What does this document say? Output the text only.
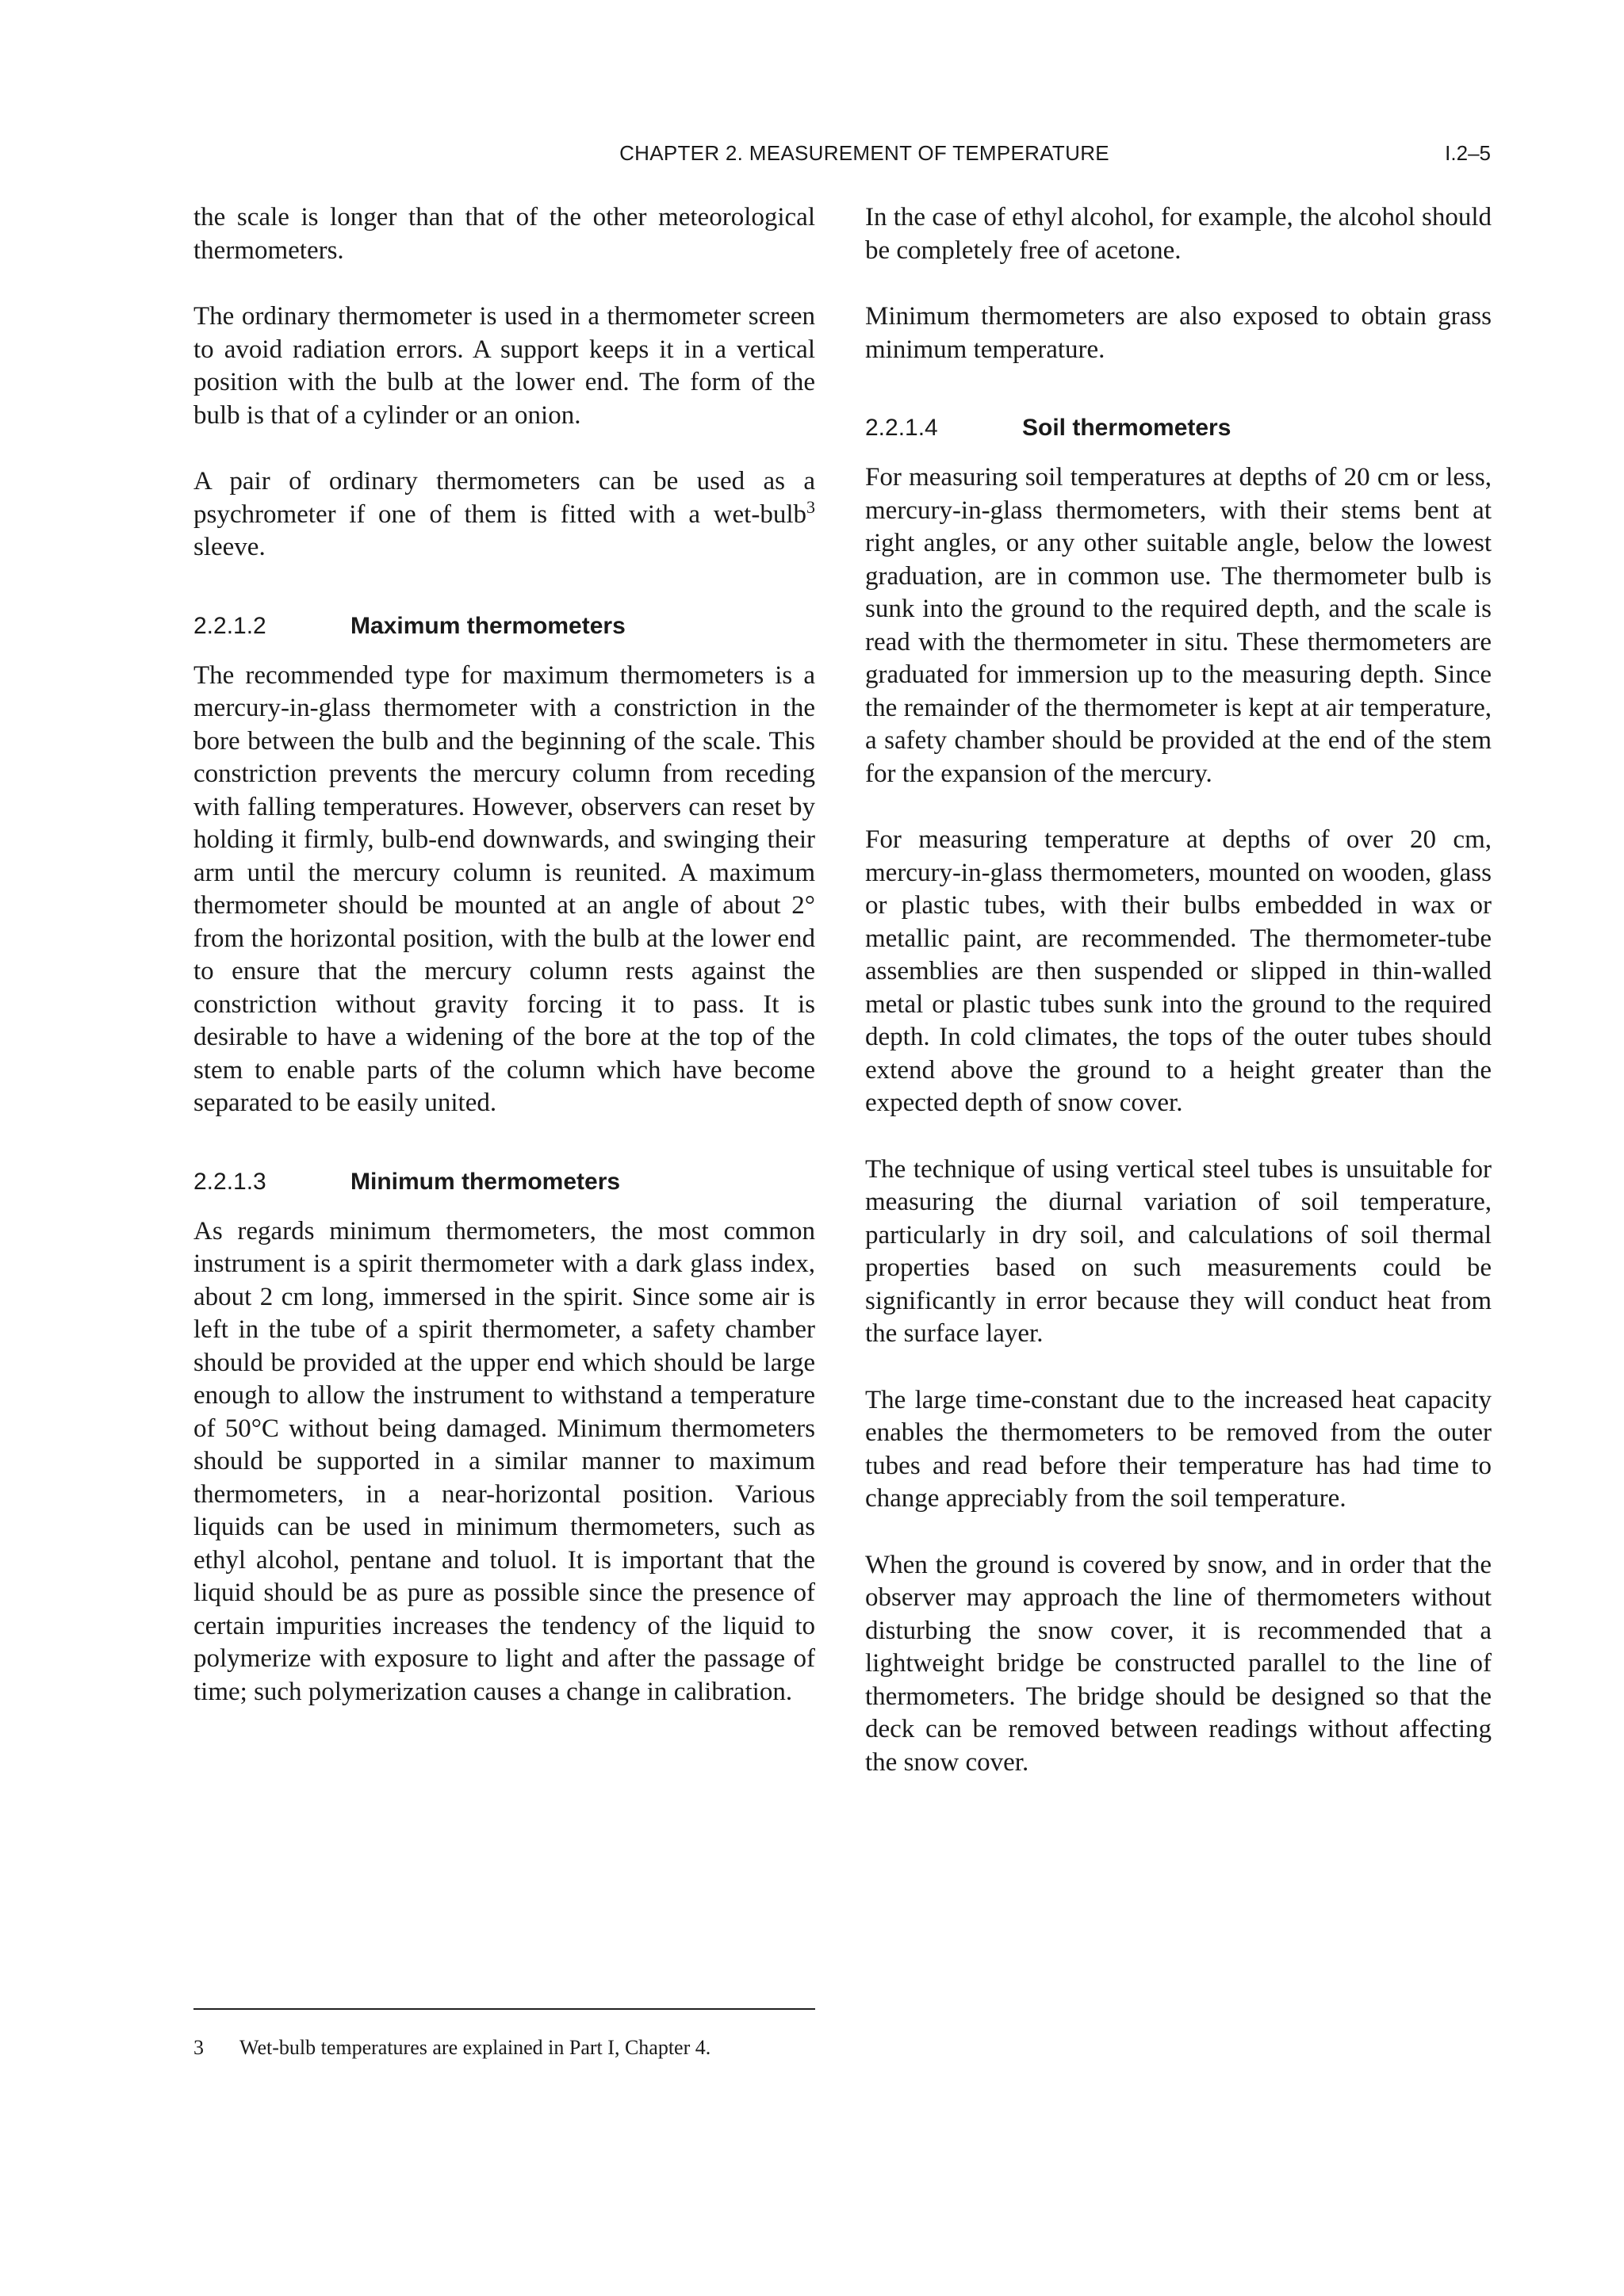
CHAPTER 2. MEASUREMENT OF TEMPERATURE	I.2–5

the scale is longer than that of the other meteorological thermometers.

The ordinary thermometer is used in a thermometer screen to avoid radiation errors. A support keeps it in a vertical position with the bulb at the lower end. The form of the bulb is that of a cylinder or an onion.

A pair of ordinary thermometers can be used as a psychrometer if one of them is fitted with a wet-bulb$^3$ sleeve.

2.2.1.2	Maximum thermometers

The recommended type for maximum thermometers is a mercury-in-glass thermometer with a constriction in the bore between the bulb and the beginning of the scale. This constriction prevents the mercury column from receding with falling temperatures. However, observers can reset by holding it firmly, bulb-end downwards, and swinging their arm until the mercury column is reunited. A maximum thermometer should be mounted at an angle of about 2° from the horizontal position, with the bulb at the lower end to ensure that the mercury column rests against the constriction without gravity forcing it to pass. It is desirable to have a widening of the bore at the top of the stem to enable parts of the column which have become separated to be easily united.

2.2.1.3	Minimum thermometers

As regards minimum thermometers, the most common instrument is a spirit thermometer with a dark glass index, about 2 cm long, immersed in the spirit. Since some air is left in the tube of a spirit thermometer, a safety chamber should be provided at the upper end which should be large enough to allow the instrument to withstand a temperature of 50°C without being damaged. Minimum thermometers should be supported in a similar manner to maximum thermometers, in a near-horizontal position. Various liquids can be used in minimum thermometers, such as ethyl alcohol, pentane and toluol. It is important that the liquid should be as pure as possible since the presence of certain impurities increases the tendency of the liquid to polymerize with exposure to light and after the passage of time; such polymerization causes a change in calibration.

3	Wet-bulb temperatures are explained in Part I, Chapter 4.

In the case of ethyl alcohol, for example, the alcohol should be completely free of acetone.

Minimum thermometers are also exposed to obtain grass minimum temperature.

2.2.1.4	Soil thermometers

For measuring soil temperatures at depths of 20 cm or less, mercury-in-glass thermometers, with their stems bent at right angles, or any other suitable angle, below the lowest graduation, are in common use. The thermometer bulb is sunk into the ground to the required depth, and the scale is read with the thermometer in situ. These thermometers are graduated for immersion up to the measuring depth. Since the remainder of the thermometer is kept at air temperature, a safety chamber should be provided at the end of the stem for the expansion of the mercury.

For measuring temperature at depths of over 20 cm, mercury-in-glass thermometers, mounted on wooden, glass or plastic tubes, with their bulbs embedded in wax or metallic paint, are recommended. The thermometer-tube assemblies are then suspended or slipped in thin-walled metal or plastic tubes sunk into the ground to the required depth. In cold climates, the tops of the outer tubes should extend above the ground to a height greater than the expected depth of snow cover.

The technique of using vertical steel tubes is unsuitable for measuring the diurnal variation of soil temperature, particularly in dry soil, and calculations of soil thermal properties based on such measurements could be significantly in error because they will conduct heat from the surface layer.

The large time-constant due to the increased heat capacity enables the thermometers to be removed from the outer tubes and read before their temperature has had time to change appreciably from the soil temperature.

When the ground is covered by snow, and in order that the observer may approach the line of thermometers without disturbing the snow cover, it is recommended that a lightweight bridge be constructed parallel to the line of thermometers. The bridge should be designed so that the deck can be removed between readings without affecting the snow cover.
